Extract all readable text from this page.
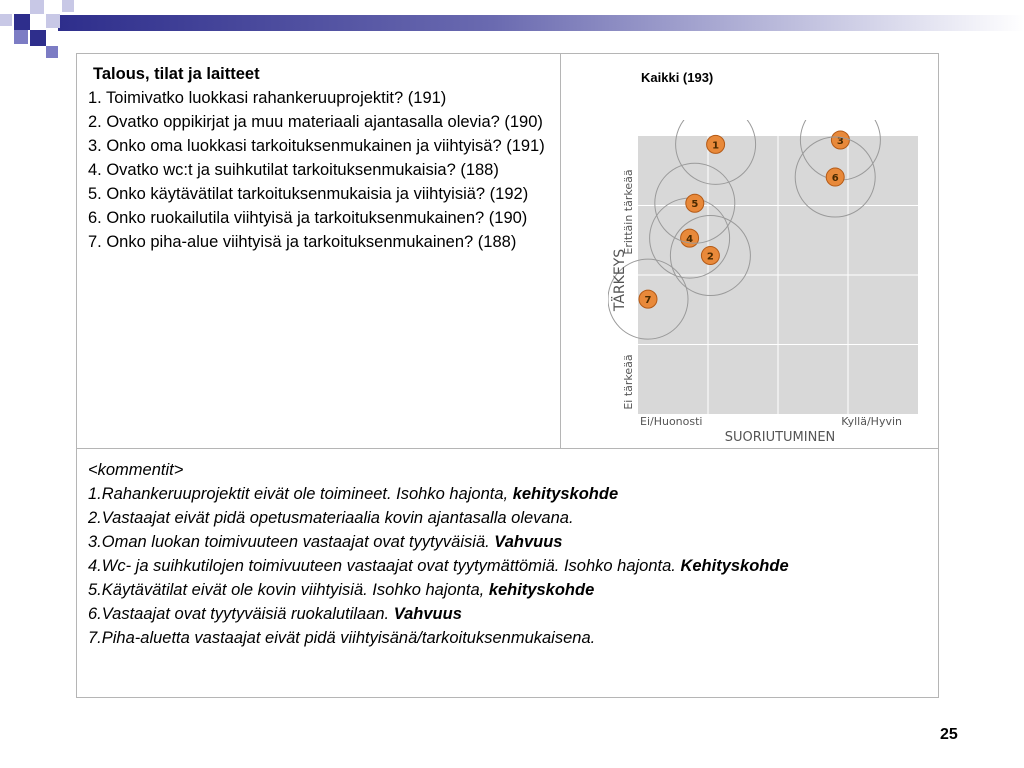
Talous, tilat ja laitteet
1. Toimivatko luokkasi rahankeruuprojektit? (191)
2. Ovatko oppikirjat ja muu materiaali ajantasalla olevia? (190)
3. Onko oma luokkasi tarkoituksenmukainen ja viihtyisä? (191)
4. Ovatko wc:t ja suihkutilat tarkoituksenmukaisia? (188)
5. Onko käytävätilat tarkoituksenmukaisia ja viihtyisiä? (192)
6. Onko ruokailutila viihtyisä ja tarkoituksenmukainen? (190)
7. Onko piha-alue viihtyisä ja tarkoituksenmukainen? (188)
Kaikki (193)
1
2
3
4
5
6
7
Erittäin tärkeää
TÄRKEYS
Ei tärkeää
Ei/Huonosti	Kyllä/Hyvin
SUORIUTUMINEN
<kommentit>
1.Rahankeruuprojektit eivät ole toimineet. Isohko hajonta, kehityskohde
2.Vastaajat eivät pidä opetusmateriaalia kovin ajantasalla olevana.
3.Oman luokan toimivuuteen vastaajat ovat tyytyväisiä. Vahvuus
4.Wc- ja suihkutilojen toimivuuteen vastaajat ovat tyytymättömiä. Isohko hajonta. Kehityskohde
5.Käytävätilat eivät ole kovin viihtyisiä. Isohko hajonta, kehityskohde
6.Vastaajat ovat tyytyväisiä ruokalutilaan. Vahvuus
7.Piha-aluetta vastaajat eivät pidä viihtyisänä/tarkoituksenmukaisena.
25
